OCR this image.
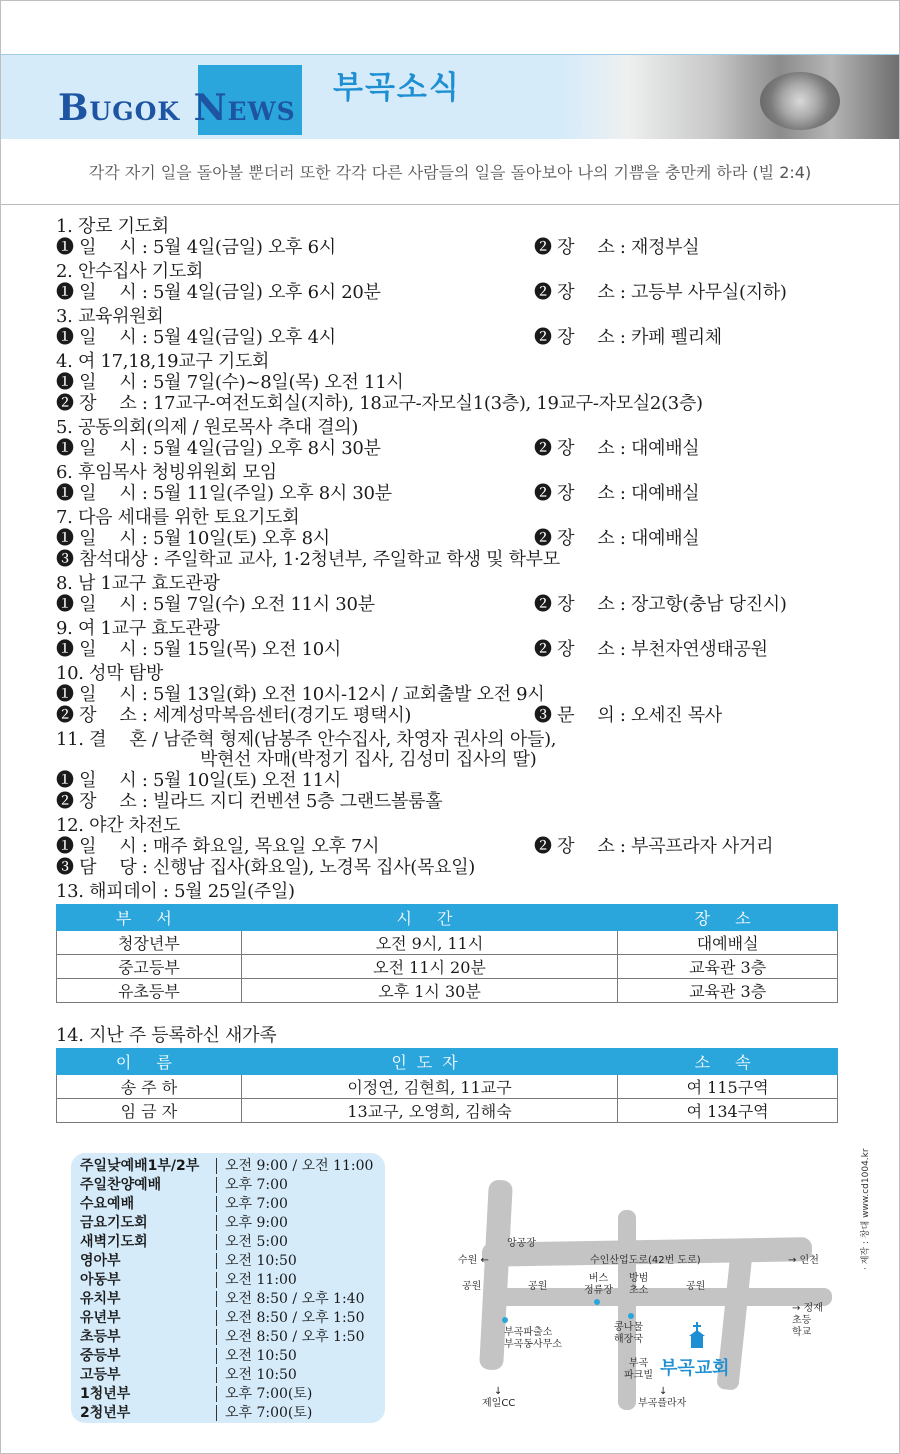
Bugok News 부곡소식
각각 자기 일을 돌아볼 뿐더러 또한 각각 다른 사람들의 일을 돌아보아 나의 기쁨을 충만케 하라 (빌 2:4)
1. 장로 기도회
❶ 일　 시 : 5월 4일(금일) 오후 6시	❷ 장　 소 : 재정부실
2. 안수집사 기도회
❶ 일　 시 : 5월 4일(금일) 오후 6시 20분	❷ 장　 소 : 고등부 사무실(지하)
3. 교육위원회
❶ 일　 시 : 5월 4일(금일) 오후 4시	❷ 장　 소 : 카페 펠리체
4. 여 17,18,19교구 기도회
❶ 일　 시 : 5월 7일(수)~8일(목) 오전 11시
❷ 장　 소 : 17교구-여전도회실(지하), 18교구-자모실1(3층), 19교구-자모실2(3층)
5. 공동의회(의제 / 원로목사 추대 결의)
❶ 일　 시 : 5월 4일(금일) 오후 8시 30분	❷ 장　 소 : 대예배실
6. 후임목사 청빙위원회 모임
❶ 일　 시 : 5월 11일(주일) 오후 8시 30분	❷ 장　 소 : 대예배실
7. 다음 세대를 위한 토요기도회
❶ 일　 시 : 5월 10일(토) 오후 8시	❷ 장　 소 : 대예배실
❸ 참석대상 : 주일학교 교사, 1·2청년부, 주일학교 학생 및 학부모
8. 남 1교구 효도관광
❶ 일　 시 : 5월 7일(수) 오전 11시 30분	❷ 장　 소 : 장고항(충남 당진시)
9. 여 1교구 효도관광
❶ 일　 시 : 5월 15일(목) 오전 10시	❷ 장　 소 : 부천자연생태공원
10. 성막 탐방
❶ 일　 시 : 5월 13일(화) 오전 10시-12시 / 교회출발 오전 9시
❷ 장　 소 : 세계성막복음센터(경기도 평택시)	❸ 문　 의 : 오세진 목사
11. 결　 혼 / 남준혁 형제(남봉주 안수집사, 차영자 권사의 아들),
박현선 자매(박정기 집사, 김성미 집사의 딸)
❶ 일　 시 : 5월 10일(토) 오전 11시
❷ 장　 소 : 빌라드 지디 컨벤션 5층 그랜드볼룸홀
12. 야간 차전도
❶ 일　 시 : 매주 화요일, 목요일 오후 7시	❷ 장　 소 : 부곡프라자 사거리
❸ 담　 당 : 신행남 집사(화요일), 노경목 집사(목요일)
13. 해피데이 : 5월 25일(주일)
부 서	시 간	장 소
청장년부	오전 9시, 11시	대예배실
중고등부	오전 11시 20분	교육관 3층
유초등부	오후 1시 30분	교육관 3층
14. 지난 주 등록하신 새가족
이 름	인도자	소 속
송 주 하	이정연, 김현희, 11교구	여 115구역
임 금 자	13교구, 오영희, 김해숙	여 134구역
주일낮예배1부/2부 오전 9:00 / 오전 11:00
주일찬양예배	오후 7:00
수요예배	오후 7:00
금요기도회	오후 9:00
새벽기도회	오전 5:00
영아부	오전 10:50
아동부	오전 11:00
유치부	오전 8:50 / 오후 1:40
유년부	오전 8:50 / 오후 1:50
초등부	오전 8:50 / 오후 1:50
중등부	오전 10:50
고등부	오전 10:50
1청년부	오후 7:00(토)
2청년부	오후 7:00(토)
앙공장
수원 ←	수인산업도로(42번 도로)	→ 인천
공원	공원	공원
버스
정류장
방범
초소
→ 정재
초등
학교
부곡파출소
부곡동사무소
콩나물
해장국
부곡
파크빌 부곡교회
↓
제일CC
↓
부곡플라자
· 제작 : 창대 www.cd1004.kr
